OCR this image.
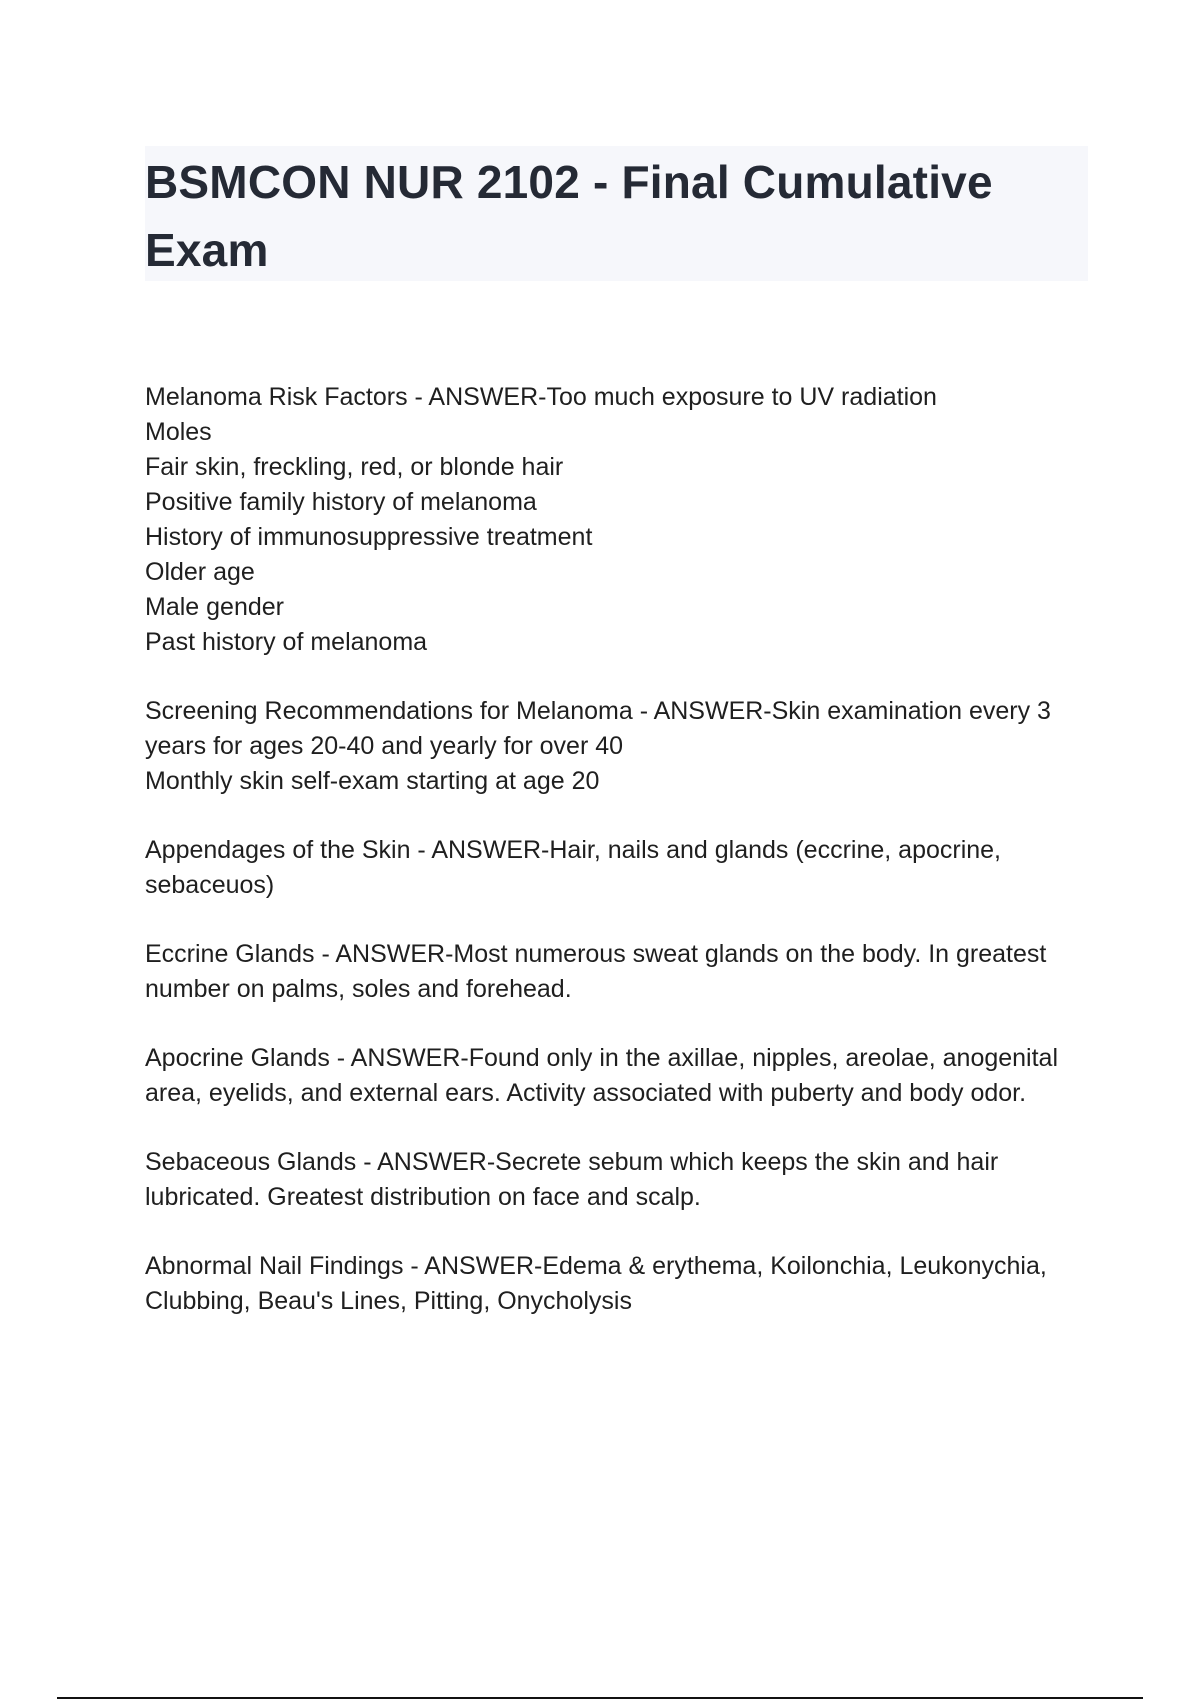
BSMCON NUR 2102 - Final Cumulative Exam
Melanoma Risk Factors - ANSWER-Too much exposure to UV radiation
Moles
Fair skin, freckling, red, or blonde hair
Positive family history of melanoma
History of immunosuppressive treatment
Older age
Male gender
Past history of melanoma
Screening Recommendations for Melanoma - ANSWER-Skin examination every 3 years for ages 20-40 and yearly for over 40
Monthly skin self-exam starting at age 20
Appendages of the Skin - ANSWER-Hair, nails and glands (eccrine, apocrine, sebaceuos)
Eccrine Glands - ANSWER-Most numerous sweat glands on the body. In greatest number on palms, soles and forehead.
Apocrine Glands - ANSWER-Found only in the axillae, nipples, areolae, anogenital area, eyelids, and external ears. Activity associated with puberty and body odor.
Sebaceous Glands - ANSWER-Secrete sebum which keeps the skin and hair lubricated. Greatest distribution on face and scalp.
Abnormal Nail Findings - ANSWER-Edema & erythema, Koilonchia, Leukonychia, Clubbing, Beau's Lines, Pitting, Onycholysis
